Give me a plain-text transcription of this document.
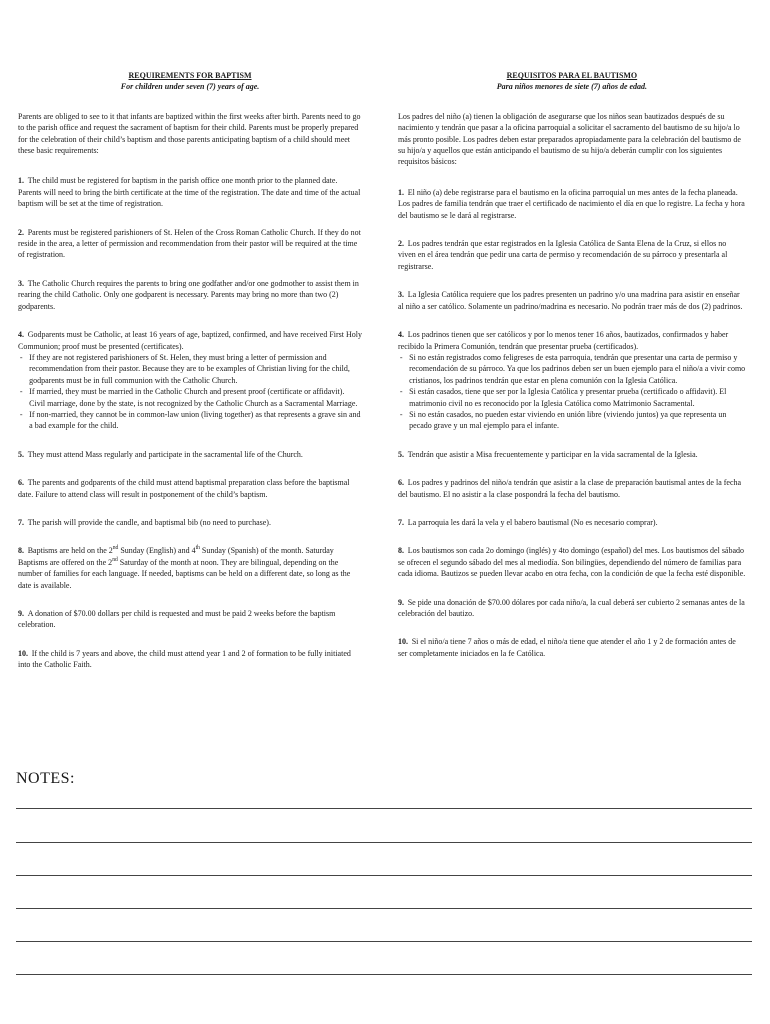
REQUIREMENTS FOR BAPTISM
For children under seven (7) years of age.
Parents are obliged to see to it that infants are baptized within the first weeks after birth. Parents need to go to the parish office and request the sacrament of baptism for their child. Parents must be properly prepared for the celebration of their child’s baptism and those parents anticipating baptism of a child should meet these basic requirements:
1. The child must be registered for baptism in the parish office one month prior to the planned date. Parents will need to bring the birth certificate at the time of the registration. The date and time of the actual baptism will be set at the time of registration.
2. Parents must be registered parishioners of St. Helen of the Cross Roman Catholic Church. If they do not reside in the area, a letter of permission and recommendation from their pastor will be required at the time of registration.
3. The Catholic Church requires the parents to bring one godfather and/or one godmother to assist them in rearing the child Catholic. Only one godparent is necessary. Parents may bring no more than two (2) godparents.
4. Godparents must be Catholic, at least 16 years of age, baptized, confirmed, and have received First Holy Communion; proof must be presented (certificates).
- If they are not registered parishioners of St. Helen, they must bring a letter of permission and recommendation from their pastor. Because they are to be examples of Christian living for the child, godparents must be in full communion with the Catholic Church.
- If married, they must be married in the Catholic Church and present proof (certificate or affidavit). Civil marriage, done by the state, is not recognized by the Catholic Church as a Sacramental Marriage.
- If non-married, they cannot be in common-law union (living together) as that represents a grave sin and a bad example for the child.
5. They must attend Mass regularly and participate in the sacramental life of the Church.
6. The parents and godparents of the child must attend baptismal preparation class before the baptismal date. Failure to attend class will result in postponement of the child’s baptism.
7. The parish will provide the candle, and baptismal bib (no need to purchase).
8. Baptisms are held on the 2nd Sunday (English) and 4th Sunday (Spanish) of the month. Saturday Baptisms are offered on the 2nd Saturday of the month at noon. They are bilingual, depending on the number of families for each language. If needed, baptisms can be held on a different date, so long as the date is available.
9. A donation of $70.00 dollars per child is requested and must be paid 2 weeks before the baptism celebration.
10. If the child is 7 years and above, the child must attend year 1 and 2 of formation to be fully initiated into the Catholic Faith.
REQUISITOS PARA EL BAUTISMO
Para niños menores de siete (7) años de edad.
Los padres del niño (a) tienen la obligación de asegurarse que los niños sean bautizados después de su nacimiento y tendrán que pasar a la oficina parroquial a solicitar el sacramento del bautismo de su hijo/a lo más pronto posible. Los padres deben estar preparados apropiadamente para la celebración del bautismo de su hijo/a y aquellos que están anticipando el bautismo de su hijo/a deberán cumplir con los siguientes requisitos básicos:
1. El niño (a) debe registrarse para el bautismo en la oficina parroquial un mes antes de la fecha planeada. Los padres de familia tendrán que traer el certificado de nacimiento el día en que lo registre. La fecha y hora del bautismo se le dará al registrarse.
2. Los padres tendrán que estar registrados en la Iglesia Católica de Santa Elena de la Cruz, si ellos no viven en el área tendrán que pedir una carta de permiso y recomendación de su párroco y presentarla al registrarse.
3. La Iglesia Católica requiere que los padres presenten un padrino y/o una madrina para asistir en enseñar al niño a ser católico. Solamente un padrino/madrina es necesario. No podrán traer más de dos (2) padrinos.
4. Los padrinos tienen que ser católicos y por lo menos tener 16 años, bautizados, confirmados y haber recibido la Primera Comunión, tendrán que presentar prueba (certificados).
- Si no están registrados como feligreses de esta parroquia, tendrán que presentar una carta de permiso y recomendación de su párroco. Ya que los padrinos deben ser un buen ejemplo para el niño/a a vivir como cristianos, los padrinos tendrán que estar en plena comunión con la Iglesia Católica.
- Si están casados, tiene que ser por la Iglesia Católica y presentar prueba (certificado o affidavit). El matrimonio civil no es reconocido por la Iglesia Católica como Matrimonio Sacramental.
- Si no están casados, no pueden estar viviendo en unión libre (viviendo juntos) ya que representa un pecado grave y un mal ejemplo para el infante.
5. Tendrán que asistir a Misa frecuentemente y participar en la vida sacramental de la Iglesia.
6. Los padres y padrinos del niño/a tendrán que asistir a la clase de preparación bautismal antes de la fecha del bautismo. El no asistir a la clase pospondrá la fecha del bautismo.
7. La parroquia les dará la vela y el babero bautismal (No es necesario comprar).
8. Los bautismos son cada 2o domingo (inglés) y 4to domingo (español) del mes. Los bautismos del sábado se ofrecen el segundo sábado del mes al mediodía. Son bilingües, dependiendo del número de familias para cada idioma. Bautizos se pueden llevar acabo en otra fecha, con la condición de que la fecha esté disponible.
9. Se pide una donación de $70.00 dólares por cada niño/a, la cual deberá ser cubierto 2 semanas antes de la celebración del bautizo.
10. Si el niño/a tiene 7 años o más de edad, el niño/a tiene que atender el año 1 y 2 de formación antes de ser completamente iniciados en la fe Católica.
NOTES:
